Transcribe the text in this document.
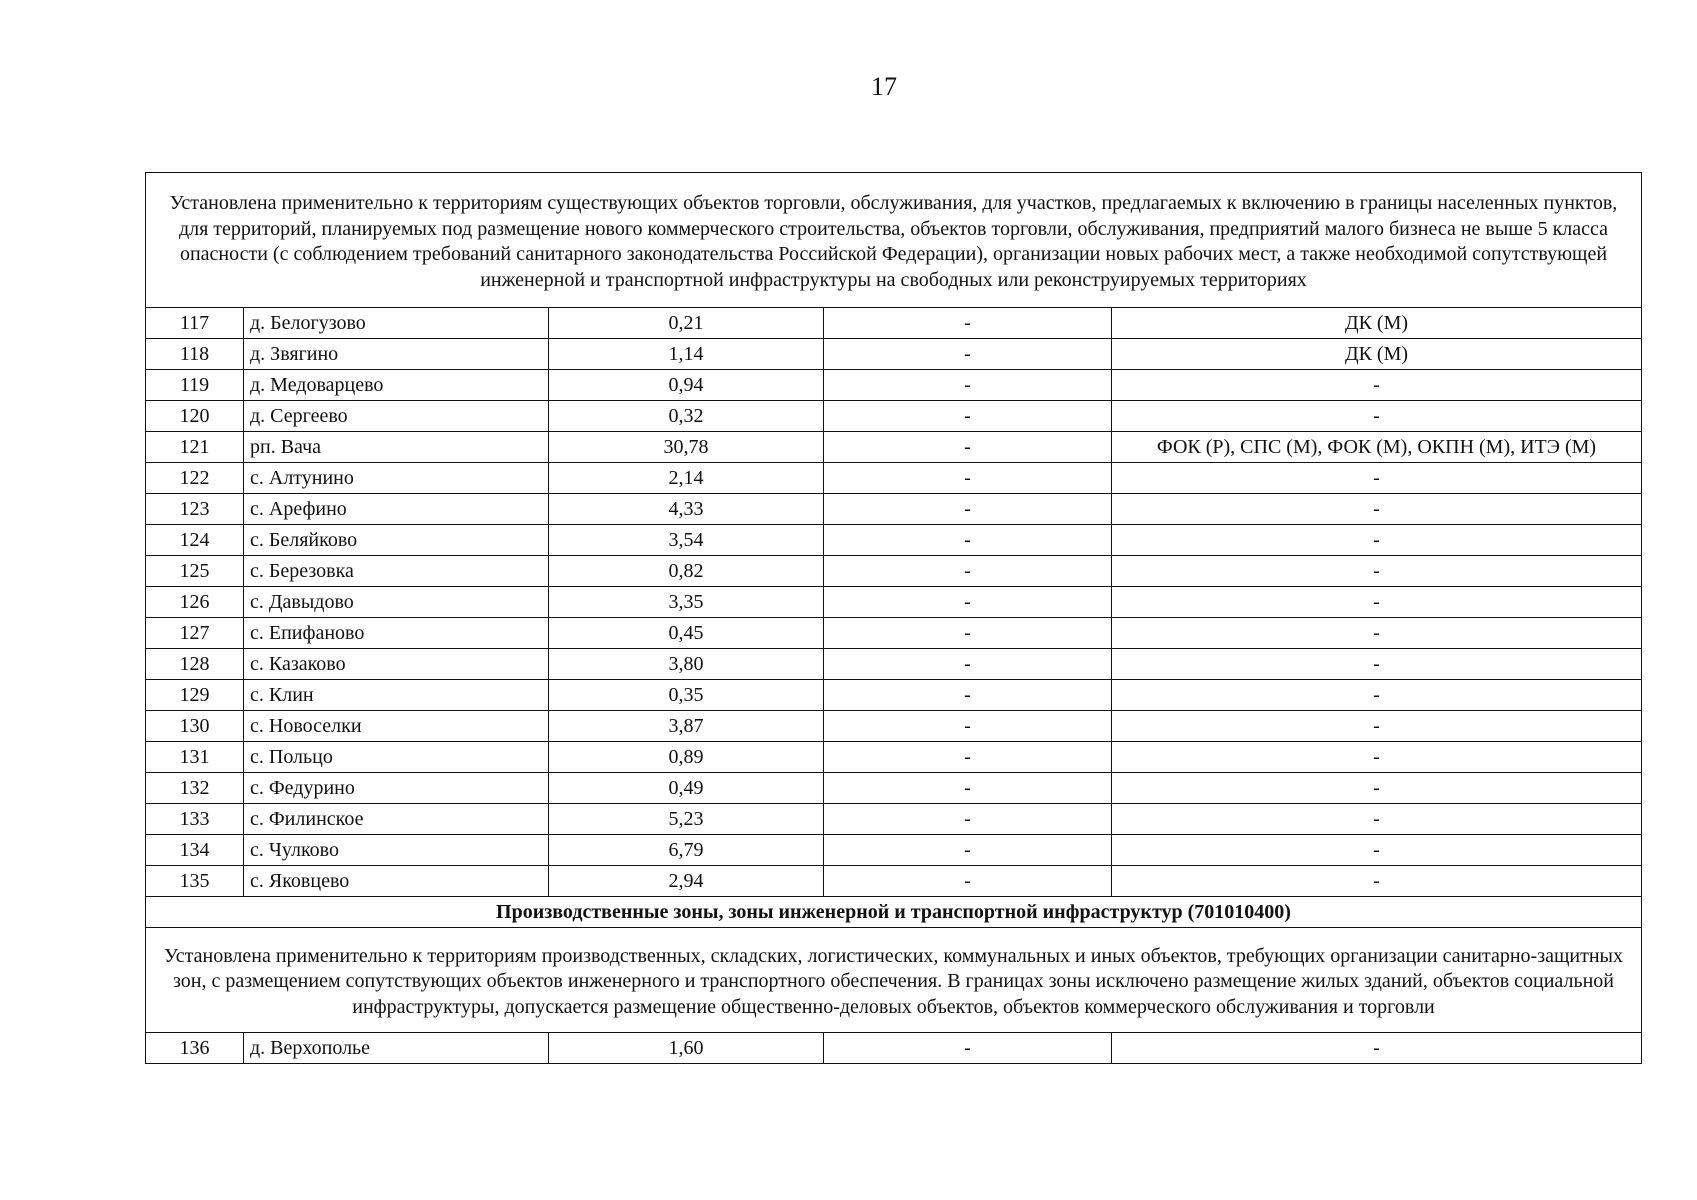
17
Установлена применительно к территориям существующих объектов торговли, обслуживания, для участков, предлагаемых к включению в границы населенных пунктов, для территорий, планируемых под размещение нового коммерческого строительства, объектов торговли, обслуживания, предприятий малого бизнеса не выше 5 класса опасности (с соблюдением требований санитарного законодательства Российской Федерации), организации новых рабочих мест, а также необходимой сопутствующей инженерной и транспортной инфраструктуры на свободных или реконструируемых территориях				
117	д. Белогузово	0,21	-	ДК (М)
118	д. Звягино	1,14	-	ДК (М)
119	д. Медоварцево	0,94	-	-
120	д. Сергеево	0,32	-	-
121	рп. Вача	30,78	-	ФОК (Р), СПС (М), ФОК (М), ОКПН (М), ИТЭ (М)
122	с. Алтунино	2,14	-	-
123	с. Арефино	4,33	-	-
124	с. Беляйково	3,54	-	-
125	с. Березовка	0,82	-	-
126	с. Давыдово	3,35	-	-
127	с. Епифаново	0,45	-	-
128	с. Казаково	3,80	-	-
129	с. Клин	0,35	-	-
130	с. Новоселки	3,87	-	-
131	с. Польцо	0,89	-	-
132	с. Федурино	0,49	-	-
133	с. Филинское	5,23	-	-
134	с. Чулково	6,79	-	-
135	с. Яковцево	2,94	-	-
Производственные зоны, зоны инженерной и транспортной инфраструктур (701010400)				
Установлена применительно к территориям производственных, складских, логистических, коммунальных и иных объектов, требующих организации санитарно-защитных зон, с размещением сопутствующих объектов инженерного и транспортного обеспечения. В границах зоны исключено размещение жилых зданий, объектов социальной инфраструктуры, допускается размещение общественно-деловых объектов, объектов коммерческого обслуживания и торговли				
136	д. Верхополье	1,60	-	-
